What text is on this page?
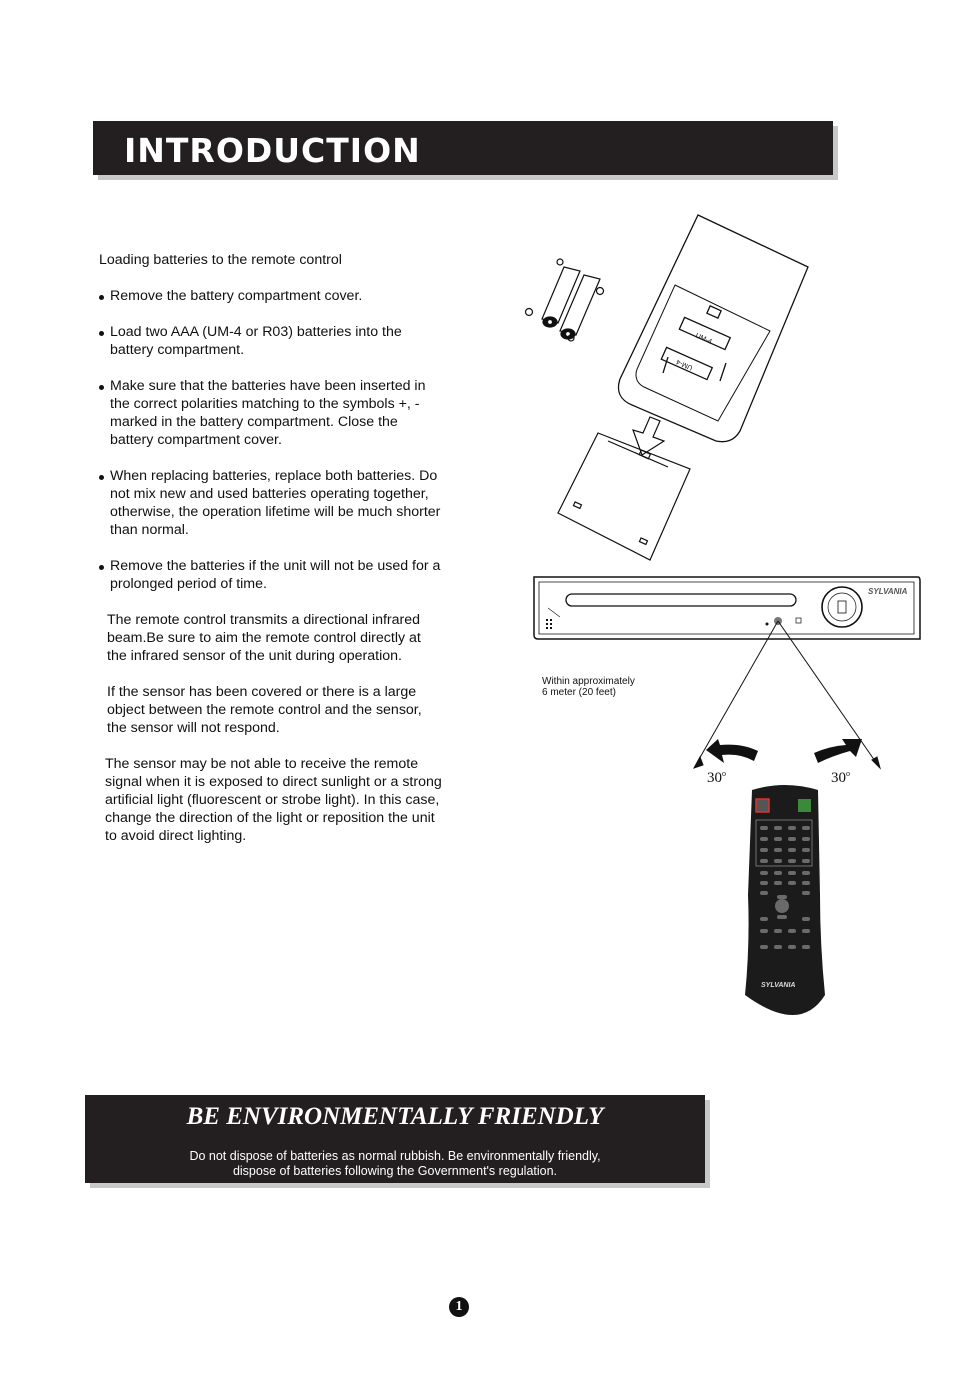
INTRODUCTION

Loading batteries to the remote control

Remove the battery compartment cover.

Load two AAA (UM-4 or R03) batteries into the battery compartment.

Make sure that the batteries have been inserted in the correct polarities matching to the symbols +, - marked in the battery compartment. Close the battery compartment cover.

When replacing batteries, replace both batteries. Do not mix new and used batteries operating together, otherwise, the operation lifetime will be much shorter than normal.

Remove the batteries if the unit will not be used for a prolonged period of time.

The remote control transmits a directional infrared beam.Be sure to aim the remote control directly at the infrared sensor of the unit during operation.

If the sensor has been covered or there is a large object between the remote control and the sensor, the sensor will not respond.

The sensor may be not able to receive the remote signal when it is exposed to direct sunlight or a strong artificial light (fluorescent or strobe light). In this case, change the direction of the light or reposition the unit to avoid direct lighting.

UM-4
UM-4
SYLVANIA
SYLVANIA
Within approximately
6 meter (20 feet)
30$^o$	30$^o$
BE ENVIRONMENTALLY FRIENDLY
Do not dispose of batteries as normal rubbish. Be environmentally friendly,
dispose of batteries following the Government's regulation.
1
